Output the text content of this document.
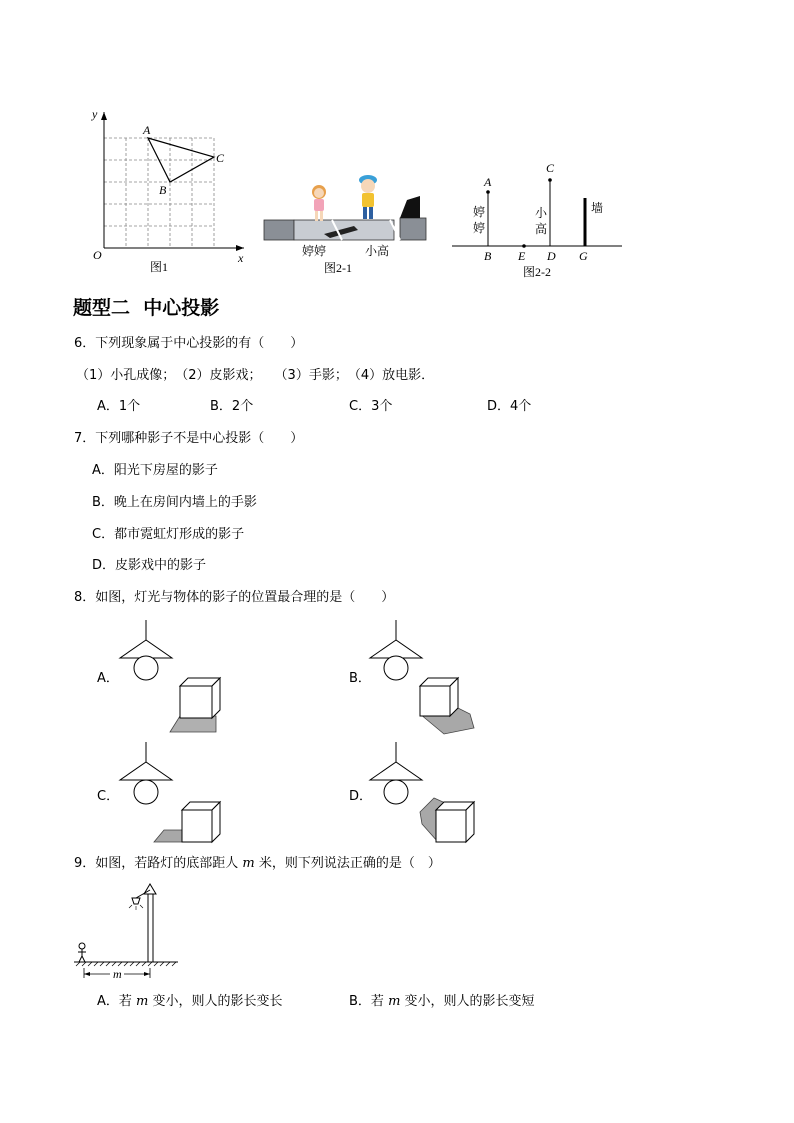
y
x
O
A
B
C
图1
婷婷	小高
图2-1
A
C
B E D G
墙
图2-2
婷
婷
小
高
题型二  中心投影
6．下列现象属于中心投影的有（　　）
（1）小孔成像；　（2）皮影戏；　　（3）手影；　（4）放电影．
A．1个	B．2个	C．3个	D．4个
7．下列哪种影子不是中心投影（　　）
A．阳光下房屋的影子
B．晚上在房间内墙上的手影
C．都市霓虹灯形成的影子
D．皮影戏中的影子
8．如图，灯光与物体的影子的位置最合理的是（　　）
A．	B．
C．	D．
9．如图，若路灯的底部距人 m 米，则下列说法正确的是（　）
m
A．若 m 变小，则人的影长变长	B．若 m 变小，则人的影长变短
